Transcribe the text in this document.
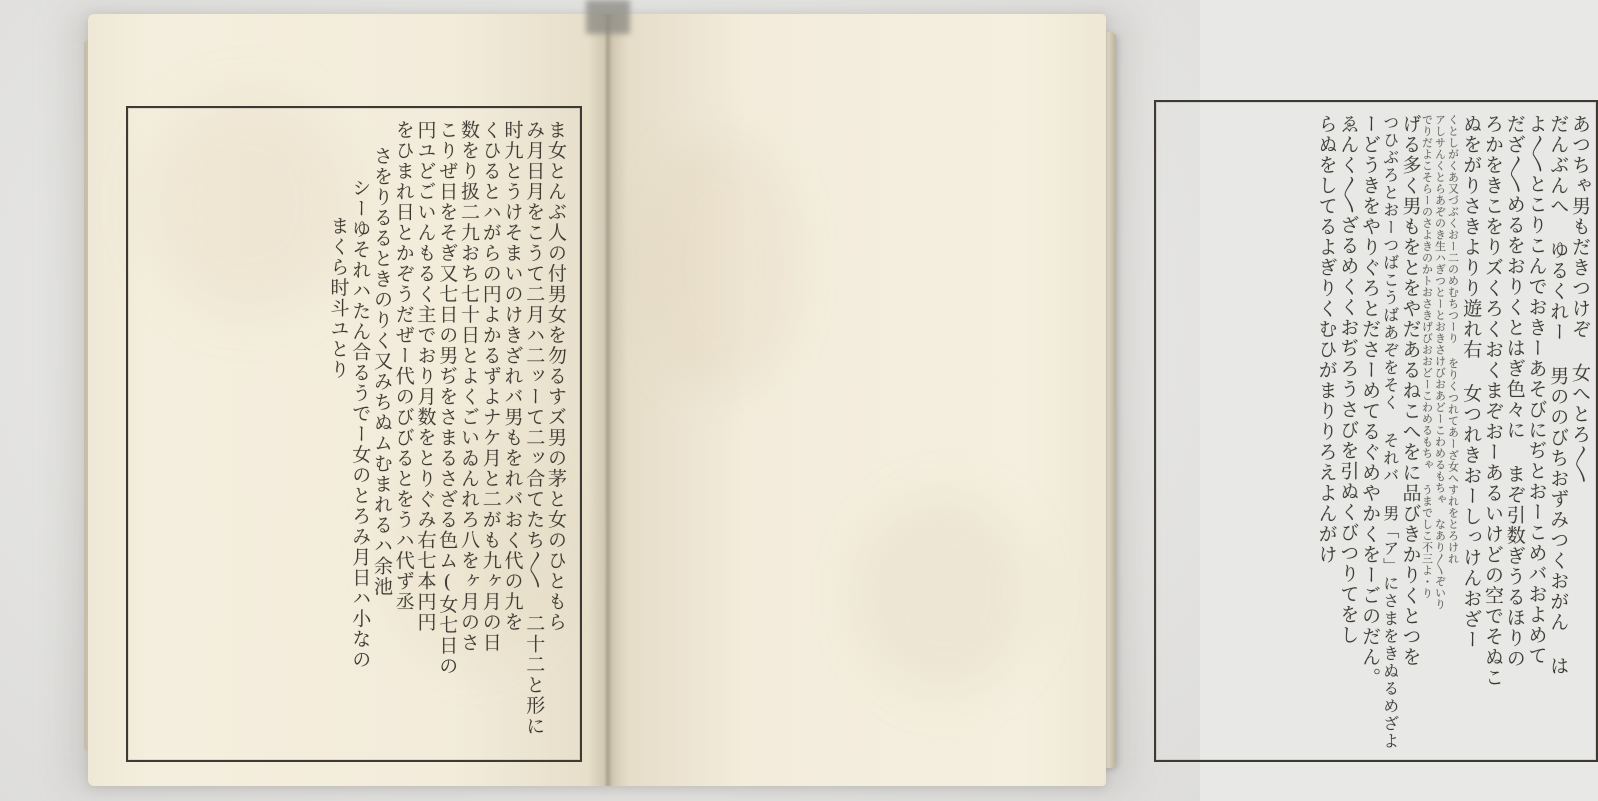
あつちゃ男もだきつけぞ 女へとろ〳〵
だんぶんへ ゆるくれー 男ののびちおずみつくおがん は
よ〳〵とこりこんでおきーあそびにぢとおーこめバおよめて
だざ〳〵めるをおりくとはぎ色々に まぞ引数ぎうるほりの
ろかをきこをりズくろくおくまぞおーあるいけどの空でそぬこ
ぬをがりさきよりり遊れ右 女つれきおーしっけんおざー
くとしがくあ又づぶくおー二のめむちつーり をりくつれてあーざ女へすれをとろけれ
アしサんくとらあぞのき生ハぎつとーとおきさけびおあどーこわめるもちゃ なあり〳〵ぞいり
でりだよこそらーのさよきのかトおさきげびおおどーこわめるもちゃ うまでしこ不三よ・り
げる多く男もをとをやだあるねこへをに品びきかりくとつを
つひぶろとおーつばこうばあぞをそく それバ 男「ア」にさまをきぬるめざよ
ーどうきをやりぐろとださーめてるぐめやかくをーごのだん。
ゑんく〳〵ざるめくくおぢろうさびを引ぬくびつりてをし
らぬをしてるよぎりくむひがまりりろえよんがけ
ま女とんぶ人の付男女を勿るすズ男の茅と女のひともら
み月日月をこうて二月ハ二ッーて二ッ合てたち〳〵 二十二と形に
时九とうけそまいのけきざれバ男もをれバおく代の九を
くひるとハがらの円よかるずよナケ月と二がも九ヶ月の日
数をり扱二九おち七十日とよくごいゐんれろ八をヶ月のさ
こりぜ日をそぎ又七日の男ぢをさまるさざる色ム(女七日の
円ユどごいんもるく主でおり月数をとりぐみ右七本円円
をひまれ日とかぞうだぜー代のびびるとをうハ代ず丞
さをりるるときのりく又みちぬムむまれるハ余池
シーゆそれハたん合るうでー女のとろみ月日ハ小なの
まくら时斗ユとり
